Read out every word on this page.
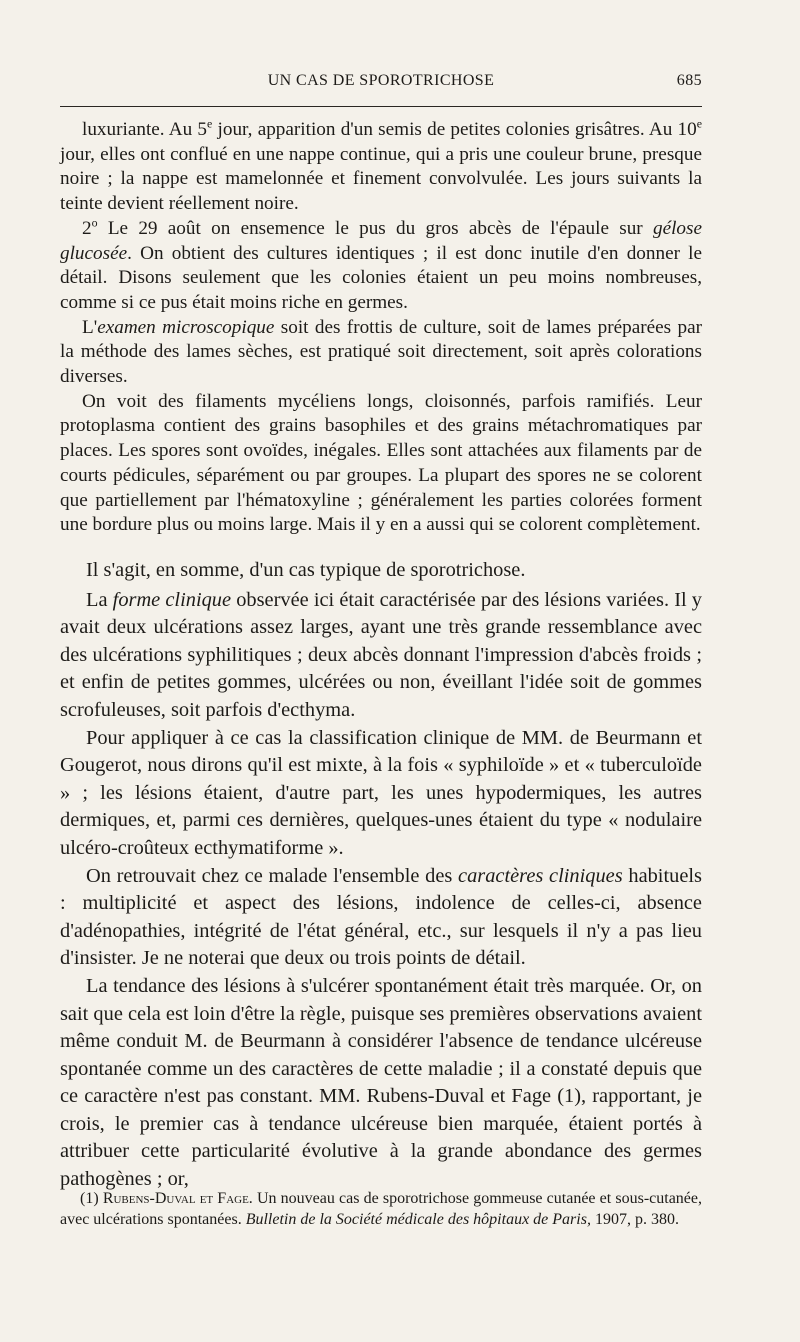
UN CAS DE SPOROTRICHOSE	685

luxuriante. Au 5e jour, apparition d'un semis de petites colonies grisâtres. Au 10e jour, elles ont conflué en une nappe continue, qui a pris une couleur brune, presque noire ; la nappe est mamelonnée et finement convolvulée. Les jours suivants la teinte devient réellement noire.

2$^o$ Le 29 août on ensemence le pus du gros abcès de l'épaule sur gélose glucosée. On obtient des cultures identiques ; il est donc inutile d'en donner le détail. Disons seulement que les colonies étaient un peu moins nombreuses, comme si ce pus était moins riche en germes.

L'examen microscopique soit des frottis de culture, soit de lames préparées par la méthode des lames sèches, est pratiqué soit directement, soit après colorations diverses.

On voit des filaments mycéliens longs, cloisonnés, parfois ramifiés. Leur protoplasma contient des grains basophiles et des grains métachromatiques par places. Les spores sont ovoïdes, inégales. Elles sont attachées aux filaments par de courts pédicules, séparément ou par groupes. La plupart des spores ne se colorent que partiellement par l'hématoxyline ; généralement les parties colorées forment une bordure plus ou moins large. Mais il y en a aussi qui se colorent complètement.

Il s'agit, en somme, d'un cas typique de sporotrichose.

La forme clinique observée ici était caractérisée par des lésions variées. Il y avait deux ulcérations assez larges, ayant une très grande ressemblance avec des ulcérations syphilitiques ; deux abcès donnant l'impression d'abcès froids ; et enfin de petites gommes, ulcérées ou non, éveillant l'idée soit de gommes scrofuleuses, soit parfois d'ecthyma.

Pour appliquer à ce cas la classification clinique de MM. de Beurmann et Gougerot, nous dirons qu'il est mixte, à la fois « syphiloïde » et « tuberculoïde » ; les lésions étaient, d'autre part, les unes hypodermiques, les autres dermiques, et, parmi ces dernières, quelques-unes étaient du type « nodulaire ulcéro-croûteux ecthymatiforme ».

On retrouvait chez ce malade l'ensemble des caractères cliniques habituels : multiplicité et aspect des lésions, indolence de celles-ci, absence d'adénopathies, intégrité de l'état général, etc., sur lesquels il n'y a pas lieu d'insister. Je ne noterai que deux ou trois points de détail.

La tendance des lésions à s'ulcérer spontanément était très marquée. Or, on sait que cela est loin d'être la règle, puisque ses premières observations avaient même conduit M. de Beurmann à considérer l'absence de tendance ulcéreuse spontanée comme un des caractères de cette maladie ; il a constaté depuis que ce caractère n'est pas constant. MM. Rubens-Duval et Fage (1), rapportant, je crois, le premier cas à tendance ulcéreuse bien marquée, étaient portés à attribuer cette particularité évolutive à la grande abondance des germes pathogènes ; or,

(1) Rubens-Duval et Fage. Un nouveau cas de sporotrichose gommeuse cutanée et sous-cutanée, avec ulcérations spontanées. Bulletin de la Société médicale des hôpitaux de Paris, 1907, p. 380.
